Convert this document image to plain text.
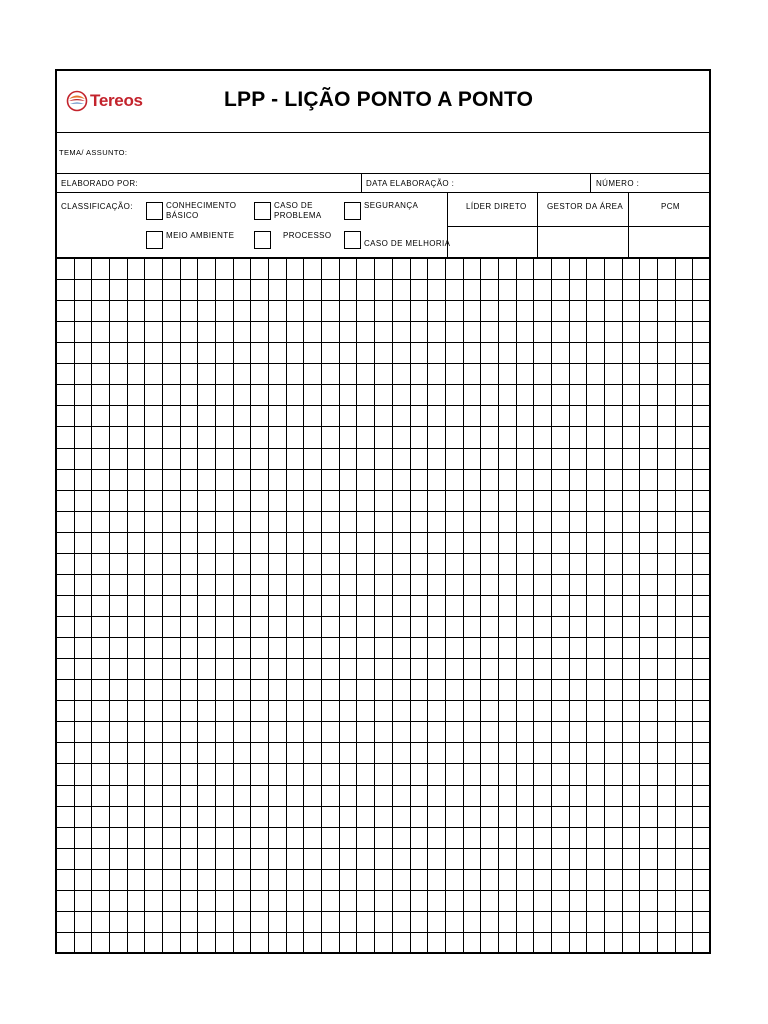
Tereos	LPP - LIÇÃO PONTO A PONTO
TEMA/ ASSUNTO:
ELABORADO POR:	DATA ELABORAÇÃO :	NÚMERO :
CLASSIFICAÇÃO:	CONHECIMENTO
BÁSICO
CASO DE
PROBLEMA
SEGURANÇA
MEIO AMBIENTE	PROCESSO
CASO DE MELHORIA
LÍDER DIRETO	GESTOR DA ÁREA	PCM
